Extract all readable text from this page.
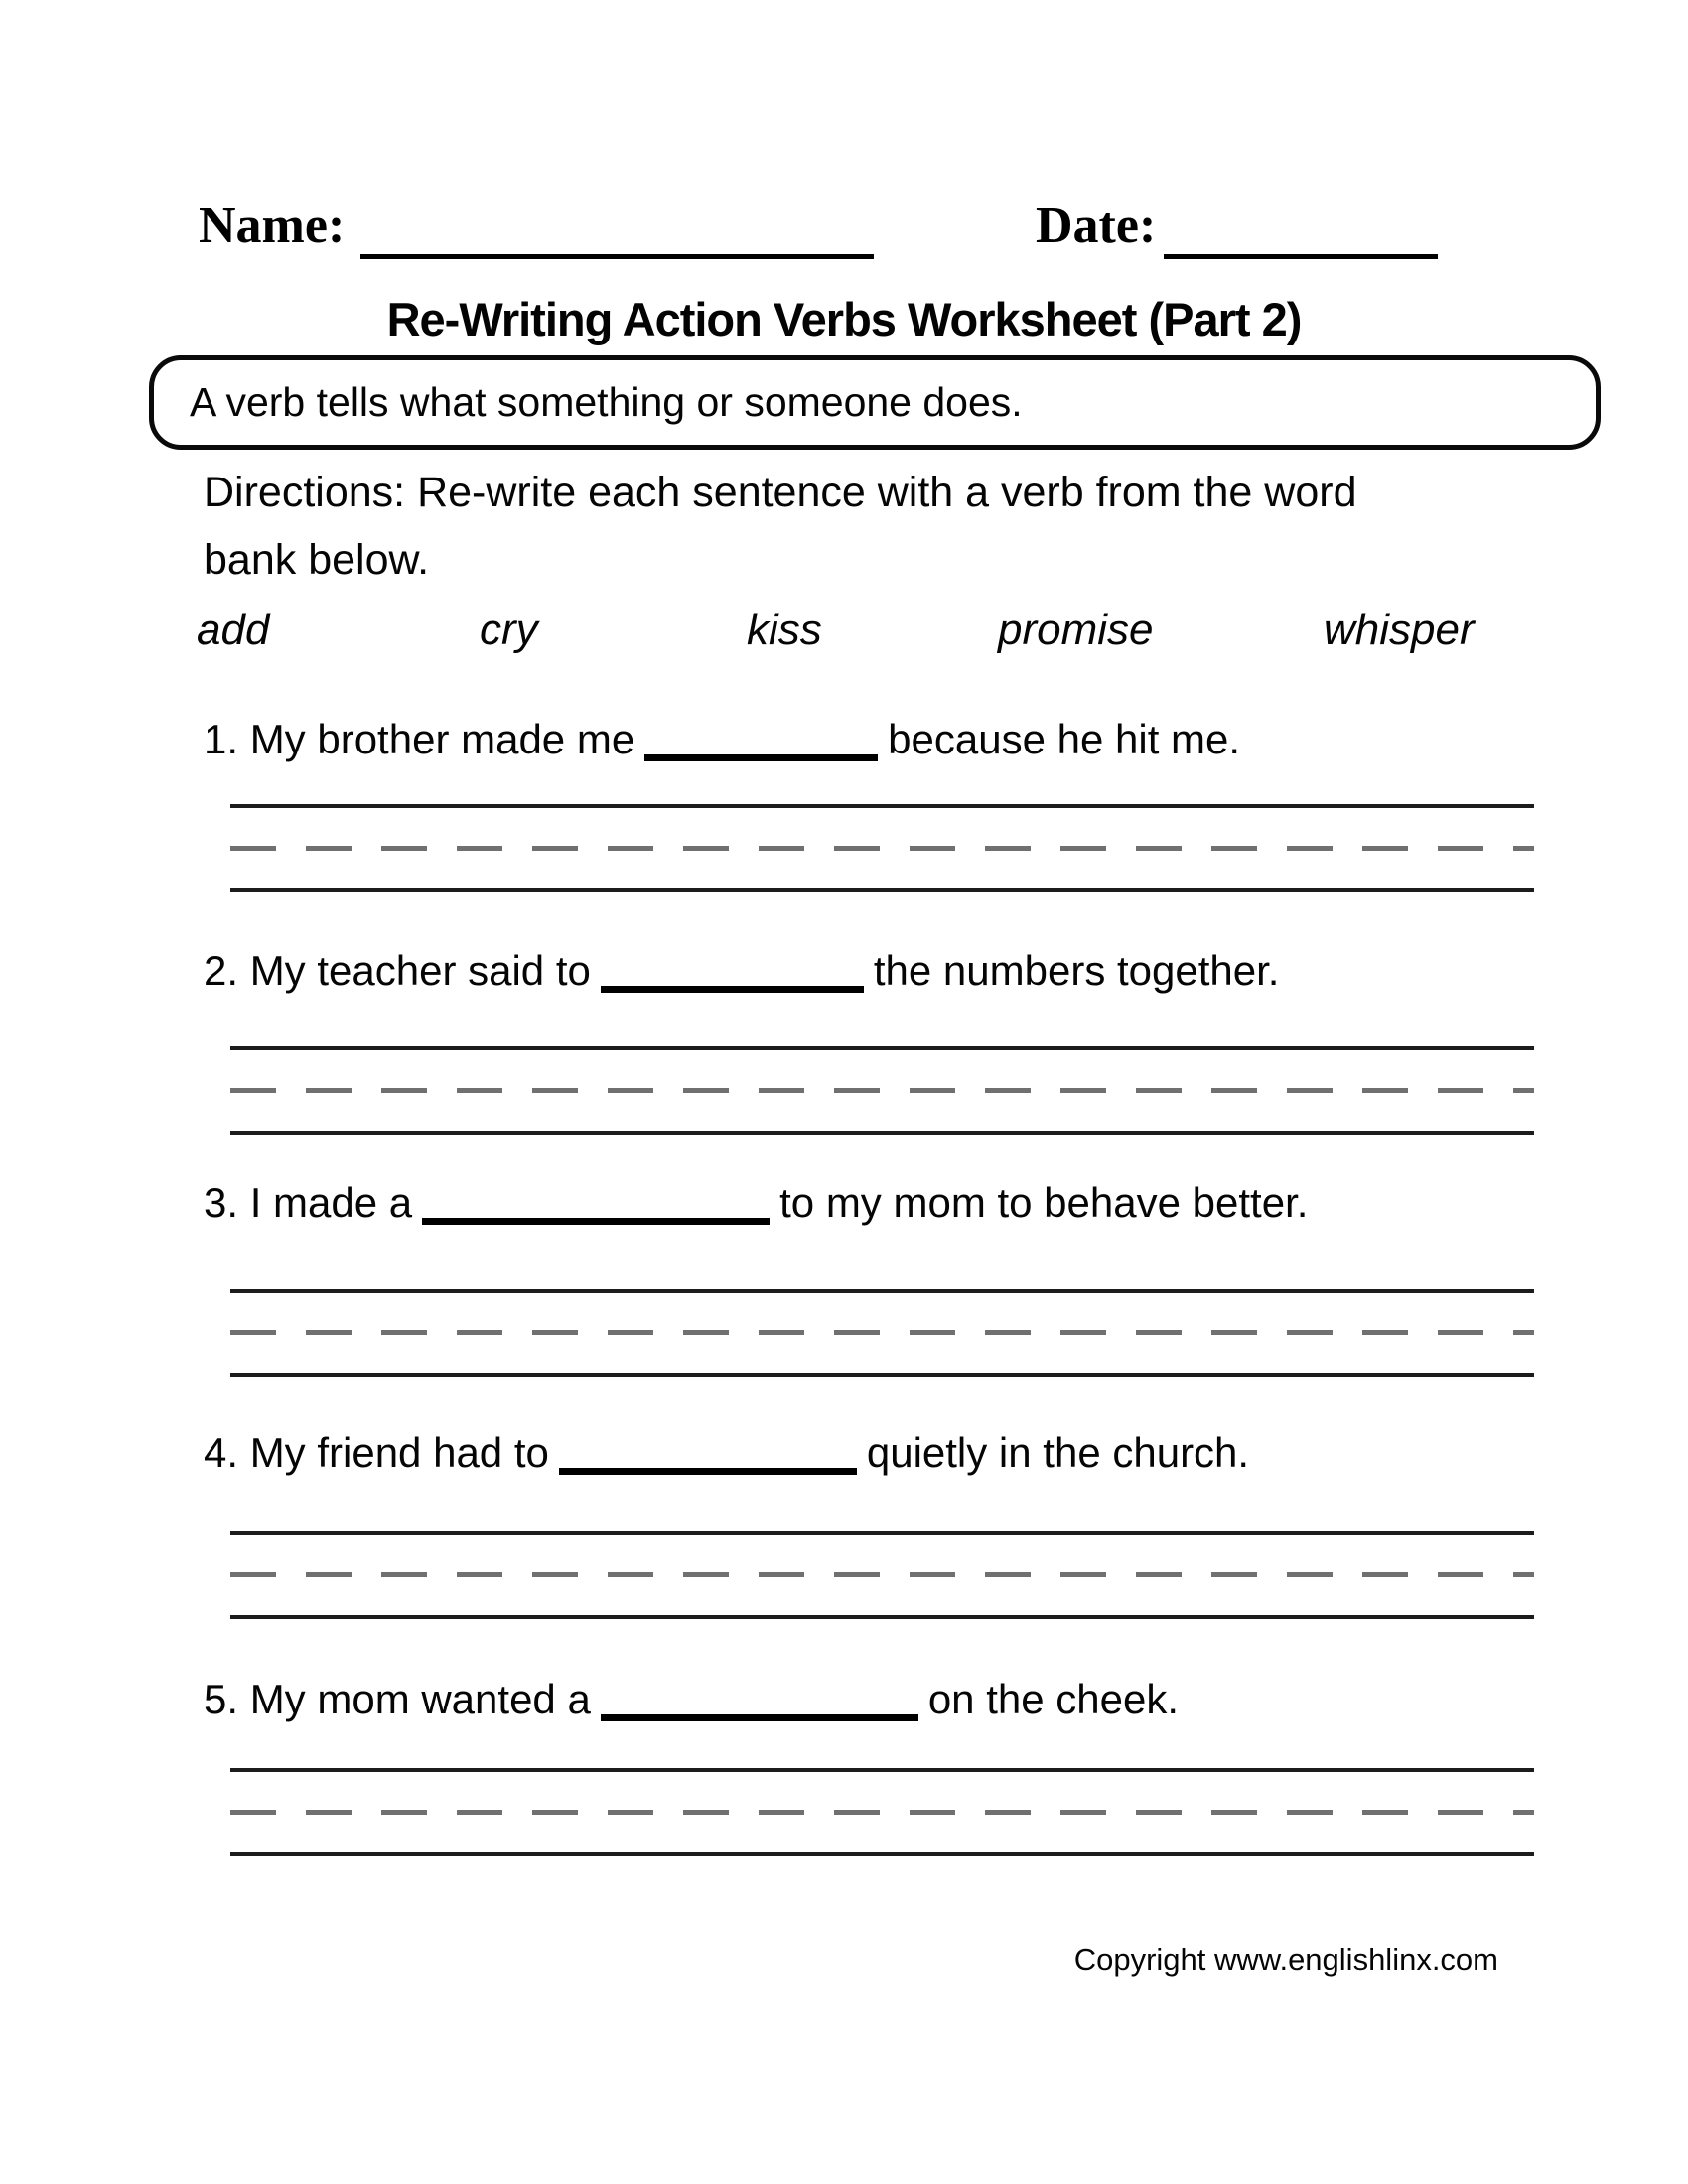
Name:	Date:
Re-Writing Action Verbs Worksheet (Part 2)
A verb tells what something or someone does.
Directions: Re-write each sentence with a verb from the word bank below.
add	cry	kiss	promise	whisper

1. My brother made me	because he hit me.

2. My teacher said to	the numbers together.

3. I made a	to my mom to behave better.

4. My friend had to	quietly in the church.

5. My mom wanted a	on the cheek.

Copyright www.englishlinx.com
